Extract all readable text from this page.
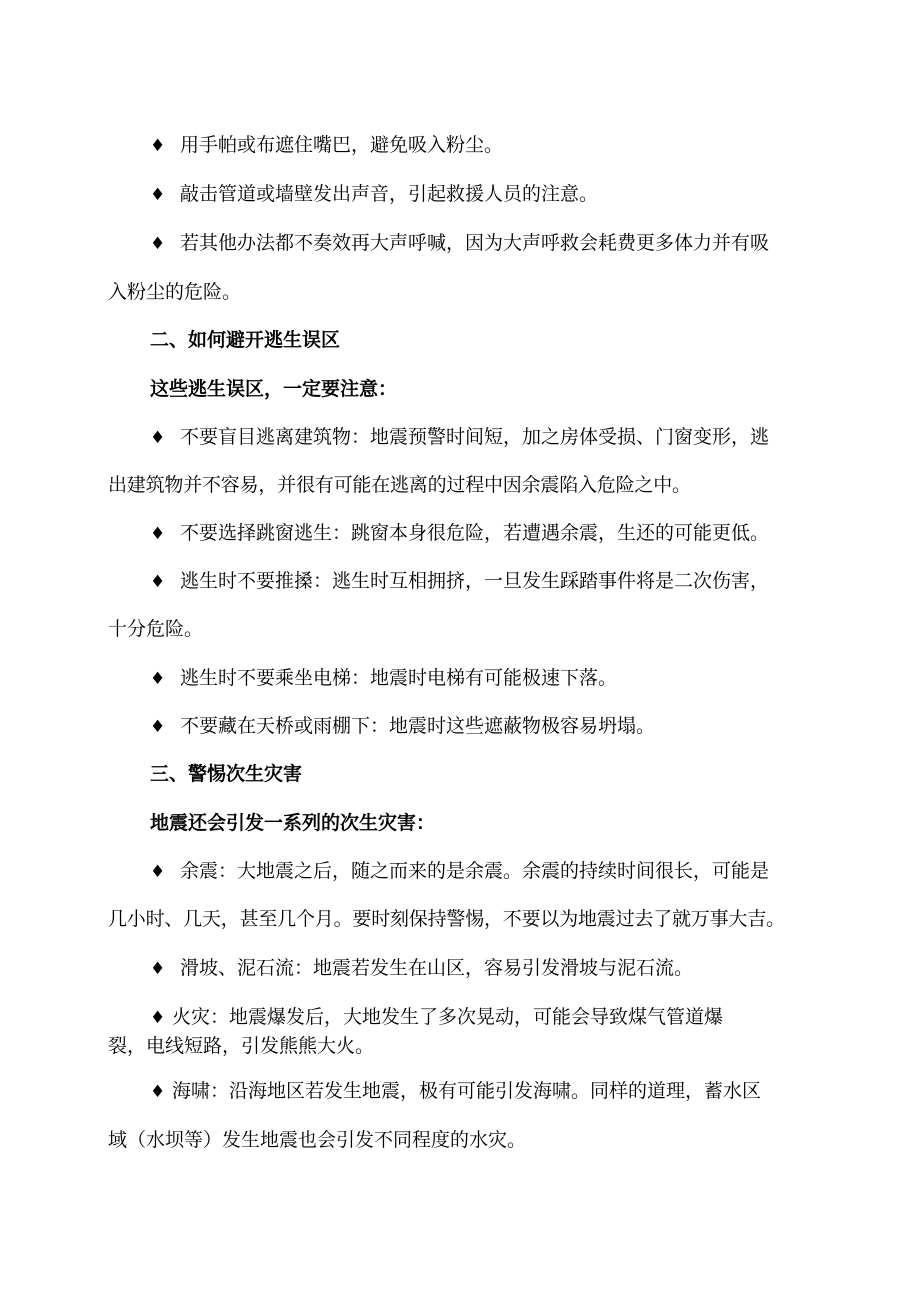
♦ 用手帕或布遮住嘴巴，避免吸入粉尘。
♦ 敲击管道或墙壁发出声音，引起救援人员的注意。
♦ 若其他办法都不奏效再大声呼喊，因为大声呼救会耗费更多体力并有吸
入粉尘的危险。
二、如何避开逃生误区
这些逃生误区，一定要注意：
♦ 不要盲目逃离建筑物：地震预警时间短，加之房体受损、门窗变形，逃
出建筑物并不容易，并很有可能在逃离的过程中因余震陷入危险之中。
♦ 不要选择跳窗逃生：跳窗本身很危险，若遭遇余震，生还的可能更低。
♦ 逃生时不要推搡：逃生时互相拥挤，一旦发生踩踏事件将是二次伤害，
十分危险。
♦ 逃生时不要乘坐电梯：地震时电梯有可能极速下落。
♦ 不要藏在天桥或雨棚下：地震时这些遮蔽物极容易坍塌。
三、警惕次生灾害
地震还会引发一系列的次生灾害：
♦ 余震：大地震之后，随之而来的是余震。余震的持续时间很长，可能是
几小时、几天，甚至几个月。要时刻保持警惕，不要以为地震过去了就万事大吉。
♦ 滑坡、泥石流：地震若发生在山区，容易引发滑坡与泥石流。
♦ 火灾：地震爆发后，大地发生了多次晃动，可能会导致煤气管道爆
裂，电线短路，引发熊熊大火。
♦ 海啸：沿海地区若发生地震，极有可能引发海啸。同样的道理，蓄水区
域（水坝等）发生地震也会引发不同程度的水灾。
